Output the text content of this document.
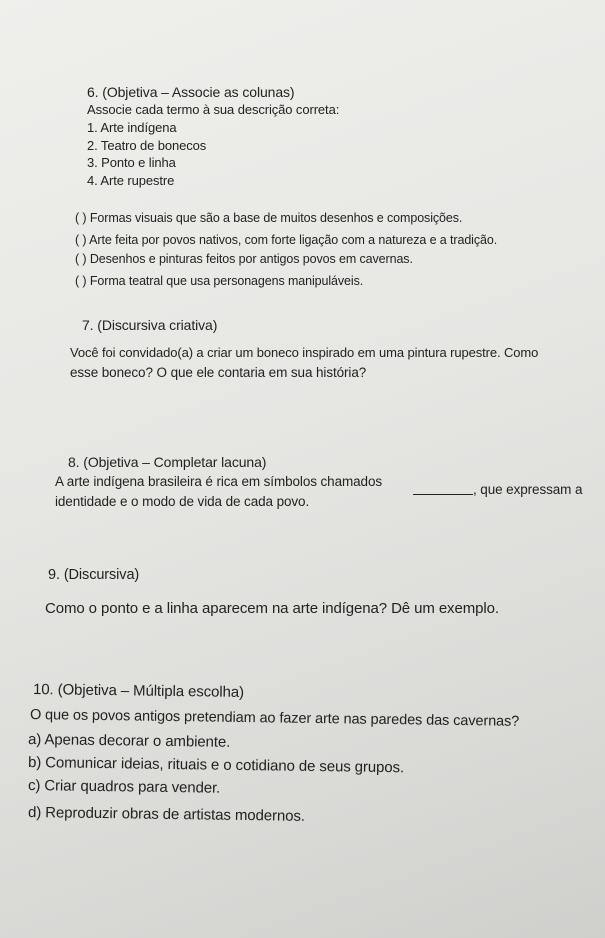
6. (Objetiva – Associe as colunas)
Associe cada termo à sua descrição correta:
1. Arte indígena
2. Teatro de bonecos
3. Ponto e linha
4. Arte rupestre
( ) Formas visuais que são a base de muitos desenhos e composições.
( ) Arte feita por povos nativos, com forte ligação com a natureza e a tradição.
( ) Desenhos e pinturas feitos por antigos povos em cavernas.
( ) Forma teatral que usa personagens manipuláveis.
7. (Discursiva criativa)
Você foi convidado(a) a criar um boneco inspirado em uma pintura rupestre. Como
esse boneco? O que ele contaria em sua história?
8. (Objetiva – Completar lacuna)
A arte indígena brasileira é rica em símbolos chamados
, que expressam a
identidade e o modo de vida de cada povo.
9. (Discursiva)
Como o ponto e a linha aparecem na arte indígena? Dê um exemplo.
10. (Objetiva – Múltipla escolha)
O que os povos antigos pretendiam ao fazer arte nas paredes das cavernas?
a) Apenas decorar o ambiente.
b) Comunicar ideias, rituais e o cotidiano de seus grupos.
c) Criar quadros para vender.
d) Reproduzir obras de artistas modernos.
